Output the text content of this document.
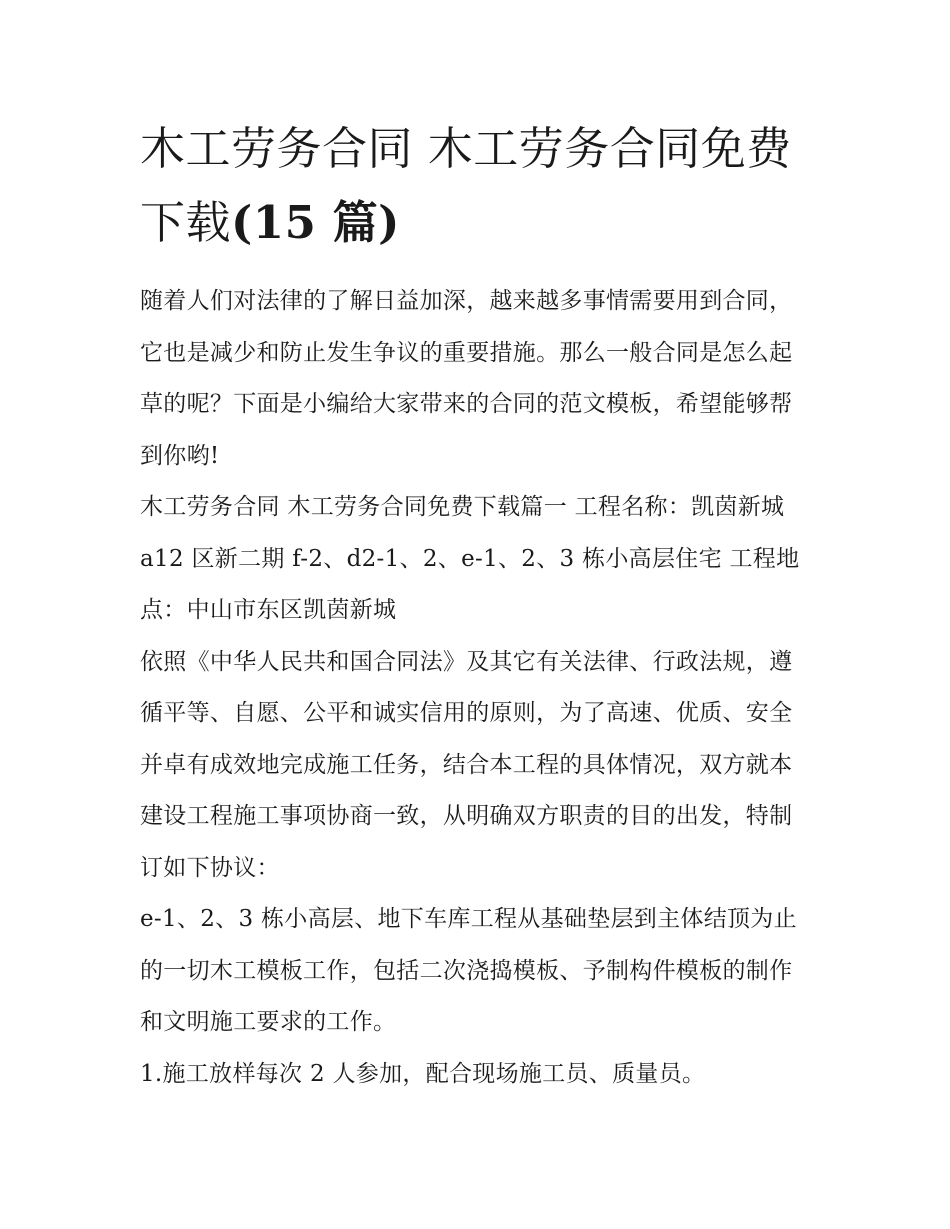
木工劳务合同 木工劳务合同免费下载(15 篇)

随着人们对法律的了解日益加深，越来越多事情需要用到合同，它也是减少和防止发生争议的重要措施。那么一般合同是怎么起草的呢？下面是小编给大家带来的合同的范文模板，希望能够帮到你哟!

木工劳务合同 木工劳务合同免费下载篇一 工程名称：凯茵新城 a12 区新二期 f-2、d2-1、2、e-1、2、3 栋小高层住宅 工程地点：中山市东区凯茵新城

依照《中华人民共和国合同法》及其它有关法律、行政法规，遵循平等、自愿、公平和诚实信用的原则，为了高速、优质、安全并卓有成效地完成施工任务，结合本工程的具体情况，双方就本建设工程施工事项协商一致，从明确双方职责的目的出发，特制订如下协议：

e-1、2、3 栋小高层、地下车库工程从基础垫层到主体结顶为止的一切木工模板工作，包括二次浇捣模板、予制构件模板的制作和文明施工要求的工作。

1.施工放样每次 2 人参加，配合现场施工员、质量员。
